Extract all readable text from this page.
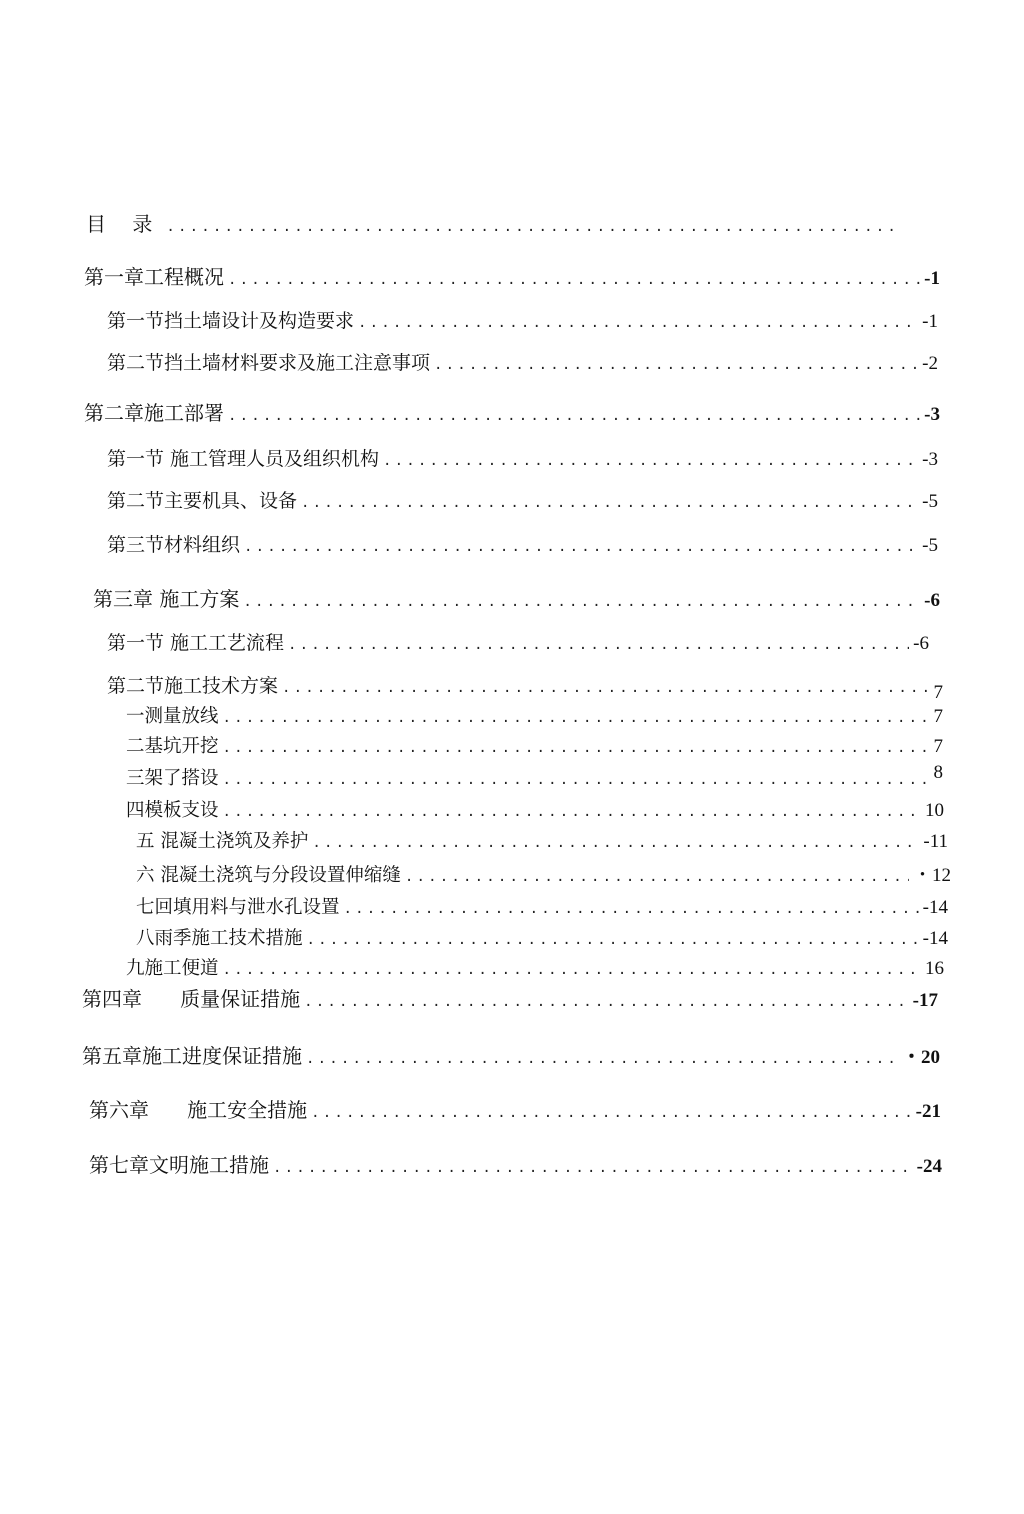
目 录
.....
第一章工程概况 .....	-1
第一节挡土墙设计及构造要求 .....	-1
第二节挡土墙材料要求及施工注意事项 .....	-2
第二章施工部署 .....	-3
第一节 施工管理人员及组织机构 .....	-3
第二节主要机具、设备 .....	-5
第三节材料组织 .....	-5
第三章 施工方案 .....	-6
第一节 施工工艺流程 .....	-6
第二节施工技术方案 .....	7
一测量放线 .....	7
二基坑开挖 .....	7
三架了搭设 .....	8
四模板支设 .....	10
五 混凝土浇筑及养护 .....	-11
六 混凝土浇筑与分段设置伸缩缝 .....	・12
七回填用料与泄水孔设置 .....	-14
八雨季施工技术措施 .....	-14
九施工便道 .....	16
第四章      质量保证措施 .....	-17
第五章施工进度保证措施 .....	・20
第六章      施工安全措施 .....	-21
第七章文明施工措施 .....	-24
